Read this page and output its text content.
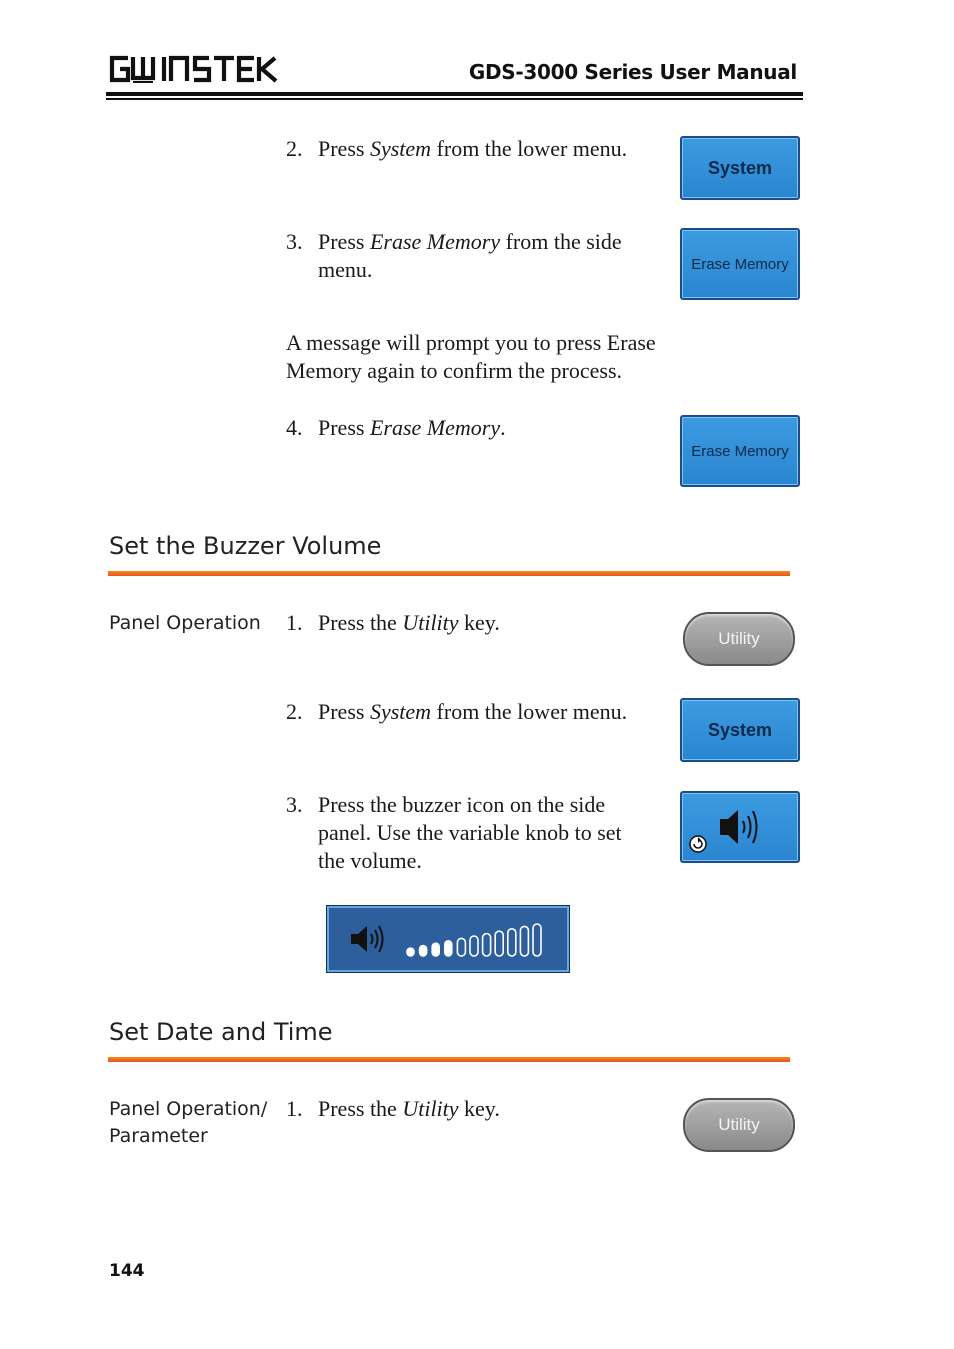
GDS-3000 Series User Manual
2. Press System from the lower menu.
System
3. Press Erase Memory from the side
menu.	Erase Memory
A message will prompt you to press Erase
Memory again to confirm the process.
4. Press Erase Memory.
Erase Memory
Set the Buzzer Volume
Panel Operation 1. Press the Utility key.
Utility
2. Press System from the lower menu.
System
3. Press the buzzer icon on the side
panel. Use the variable knob to set
the volume.
Set Date and Time
Panel Operation/
Parameter
1. Press the Utility key.
Utility
144
